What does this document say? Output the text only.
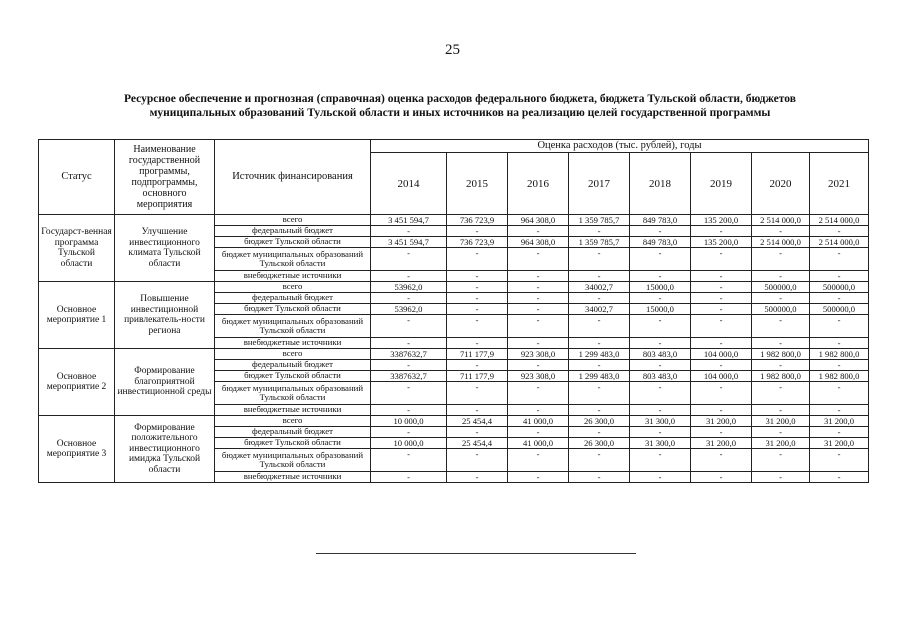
25
Ресурсное обеспечение и прогнозная (справочная) оценка расходов федерального бюджета, бюджета Тульской области, бюджетов
муниципальных образований Тульской области и иных источников на реализацию целей государственной программы
Статус	Наименование государственной программы, подпрограммы, основного мероприятия	Источник финансирования	Оценка расходов (тыс. рублей), годы							
			2014	2015	2016	2017	2018	2019	2020	2021
Государст-венная программа Тульской области	Улучшение инвестиционного климата Тульской области	всего	3 451 594,7	736 723,9	964 308,0	1 359 785,7	849 783,0	135 200,0	2 514 000,0	2 514 000,0
		федеральный бюджет	-	-	-	-	-	-	-	-
		бюджет Тульской области	3 451 594,7	736 723,9	964 308,0	1 359 785,7	849 783,0	135 200,0	2 514 000,0	2 514 000,0
		бюджет муниципальных образований Тульской области	-	-	-	-	-	-	-	-
		внебюджетные источники	-	-	-	-	-	-	-	-
Основное мероприятие 1	Повышение инвестиционной привлекатель-ности региона	всего	53962,0	-	-	34002,7	15000,0	-	500000,0	500000,0
		федеральный бюджет	-	-	-	-	-	-	-	-
		бюджет Тульской области	53962,0	-	-	34002,7	15000,0	-	500000,0	500000,0
		бюджет муниципальных образований Тульской области	-	-	-	-	-	-	-	-
		внебюджетные источники	-	-	-	-	-	-	-	-
Основное мероприятие 2	Формирование благоприятной инвестиционной среды	всего	3387632,7	711 177,9	923 308,0	1 299 483,0	803 483,0	104 000,0	1 982 800,0	1 982 800,0
		федеральный бюджет	-	-	-	-	-	-	-	-
		бюджет Тульской области	3387632,7	711 177,9	923 308,0	1 299 483,0	803 483,0	104 000,0	1 982 800,0	1 982 800,0
		бюджет муниципальных образований Тульской области	-	-	-	-	-	-	-	-
		внебюджетные источники	-	-	-	-	-	-	-	-
Основное мероприятие 3	Формирование положительного инвестиционного имиджа Тульской области	всего	10 000,0	25 454,4	41 000,0	26 300,0	31 300,0	31 200,0	31 200,0	31 200,0
		федеральный бюджет	-	-	-	-	-	-	-	-
		бюджет Тульской области	10 000,0	25 454,4	41 000,0	26 300,0	31 300,0	31 200,0	31 200,0	31 200,0
		бюджет муниципальных образований Тульской области	-	-	-	-	-	-	-	-
		внебюджетные источники	-	-	-	-	-	-	-	-
